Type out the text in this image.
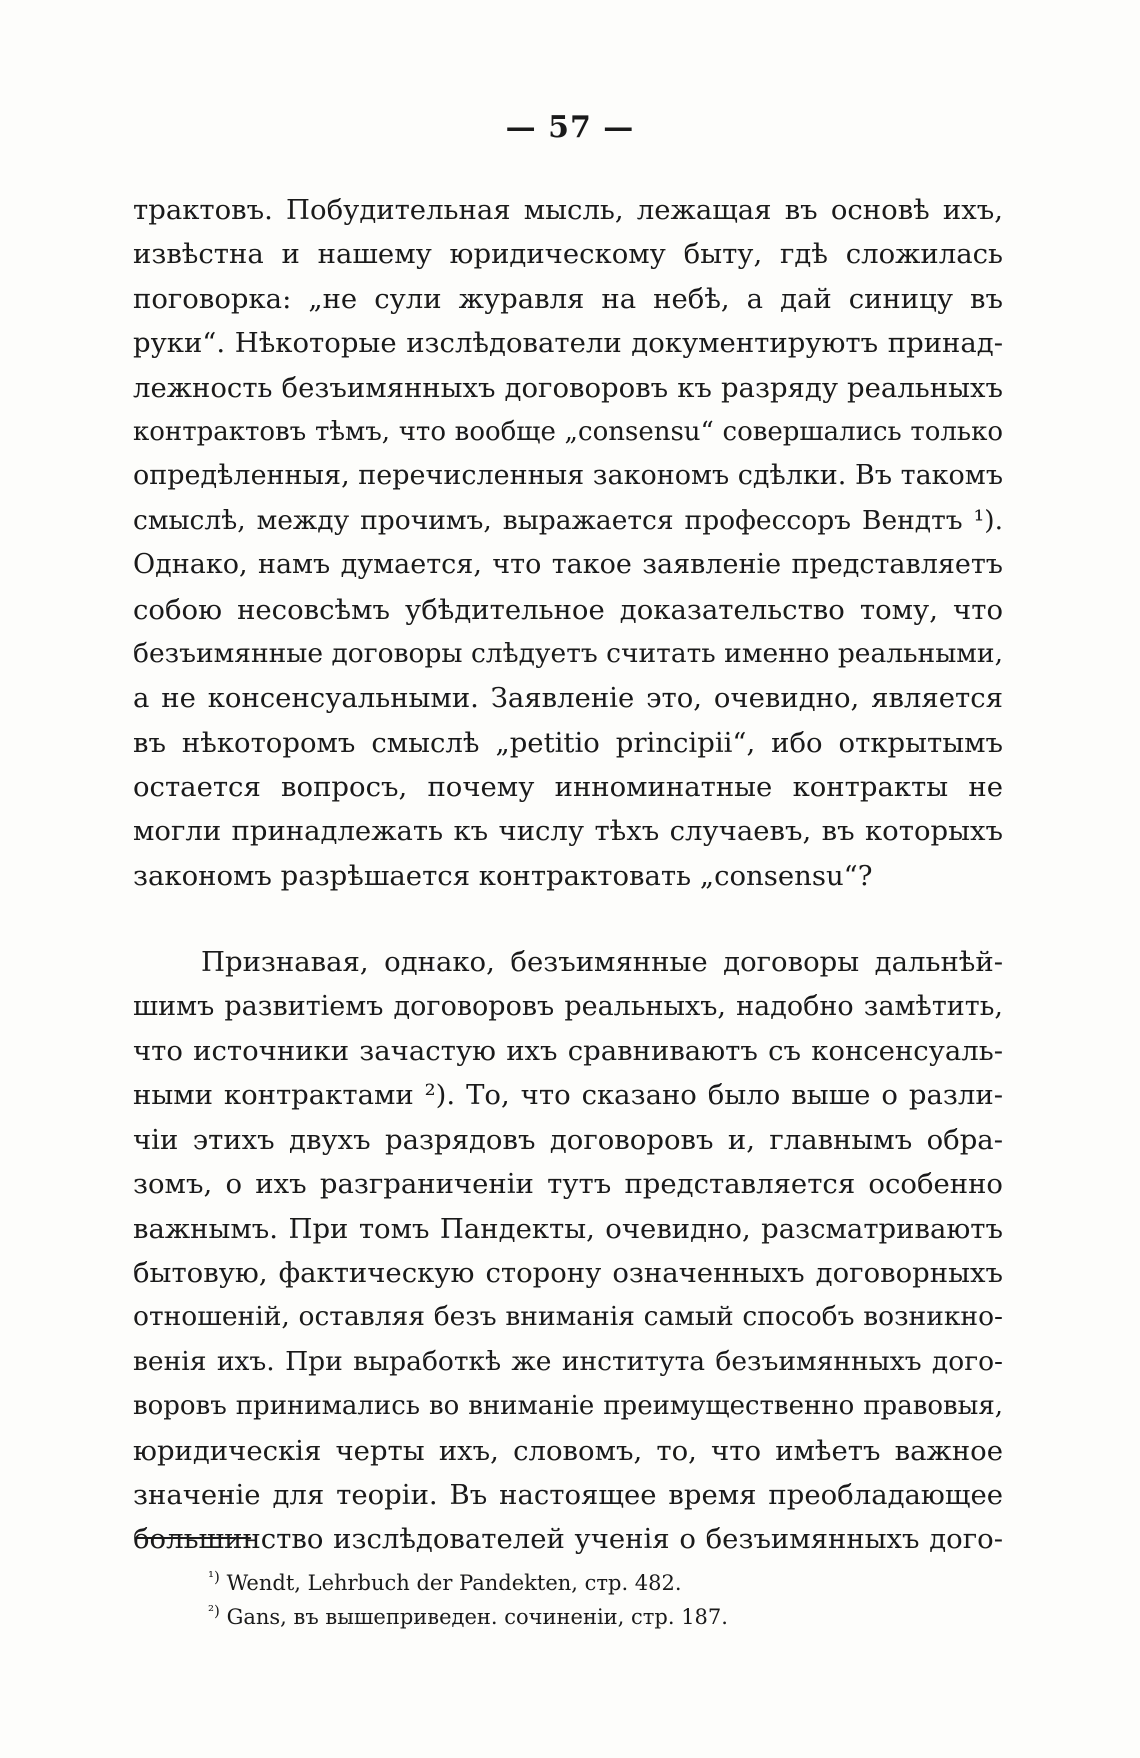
— 57 —
трактовъ. Побудительная мысль, лежащая въ основѣ ихъ,
извѣстна и нашему юридическому быту, гдѣ сложилась
поговорка: „не сули журавля на небѣ, а дай синицу въ
руки“. Нѣкоторые изслѣдователи документируютъ принад-
лежность безъимянныхъ договоровъ къ разряду реальныхъ
контрактовъ тѣмъ, что вообще „consensu“ совершались только
опредѣленныя, перечисленныя закономъ сдѣлки. Въ такомъ
смыслѣ, между прочимъ, выражается профессоръ Вендтъ ¹).
Однако, намъ думается, что такое заявленіе представляетъ
собою несовсѣмъ убѣдительное доказательство тому, что
безъимянные договоры слѣдуетъ считать именно реальными,
а не консенсуальными. Заявленіе это, очевидно, является
въ нѣкоторомъ смыслѣ „petitio principii“, ибо открытымъ
остается вопросъ, почему инноминатные контракты не
могли принадлежать къ числу тѣхъ случаевъ, въ которыхъ
закономъ разрѣшается контрактовать „consensu“?
Признавая, однако, безъимянные договоры дальнѣй-
шимъ развитіемъ договоровъ реальныхъ, надобно замѣтить,
что источники зачастую ихъ сравниваютъ съ консенсуаль-
ными контрактами ²). То, что сказано было выше о разли-
чіи этихъ двухъ разрядовъ договоровъ и, главнымъ обра-
зомъ, о ихъ разграниченіи тутъ представляется особенно
важнымъ. При томъ Пандекты, очевидно, разсматриваютъ
бытовую, фактическую сторону означенныхъ договорныхъ
отношеній, оставляя безъ вниманія самый способъ возникно-
венія ихъ. При выработкѣ же института безъимянныхъ дого-
воровъ принимались во вниманіе преимущественно правовыя,
юридическія черты ихъ, словомъ, то, что имѣетъ важное
значеніе для теоріи. Въ настоящее время преобладающее
большинство изслѣдователей ученія о безъимянныхъ дого-
$^{^1)}$ Wendt, Lehrbuch der Pandekten, стр. 482.
$^{^2)}$ Gans, въ вышеприведен. сочиненіи, стр. 187.
